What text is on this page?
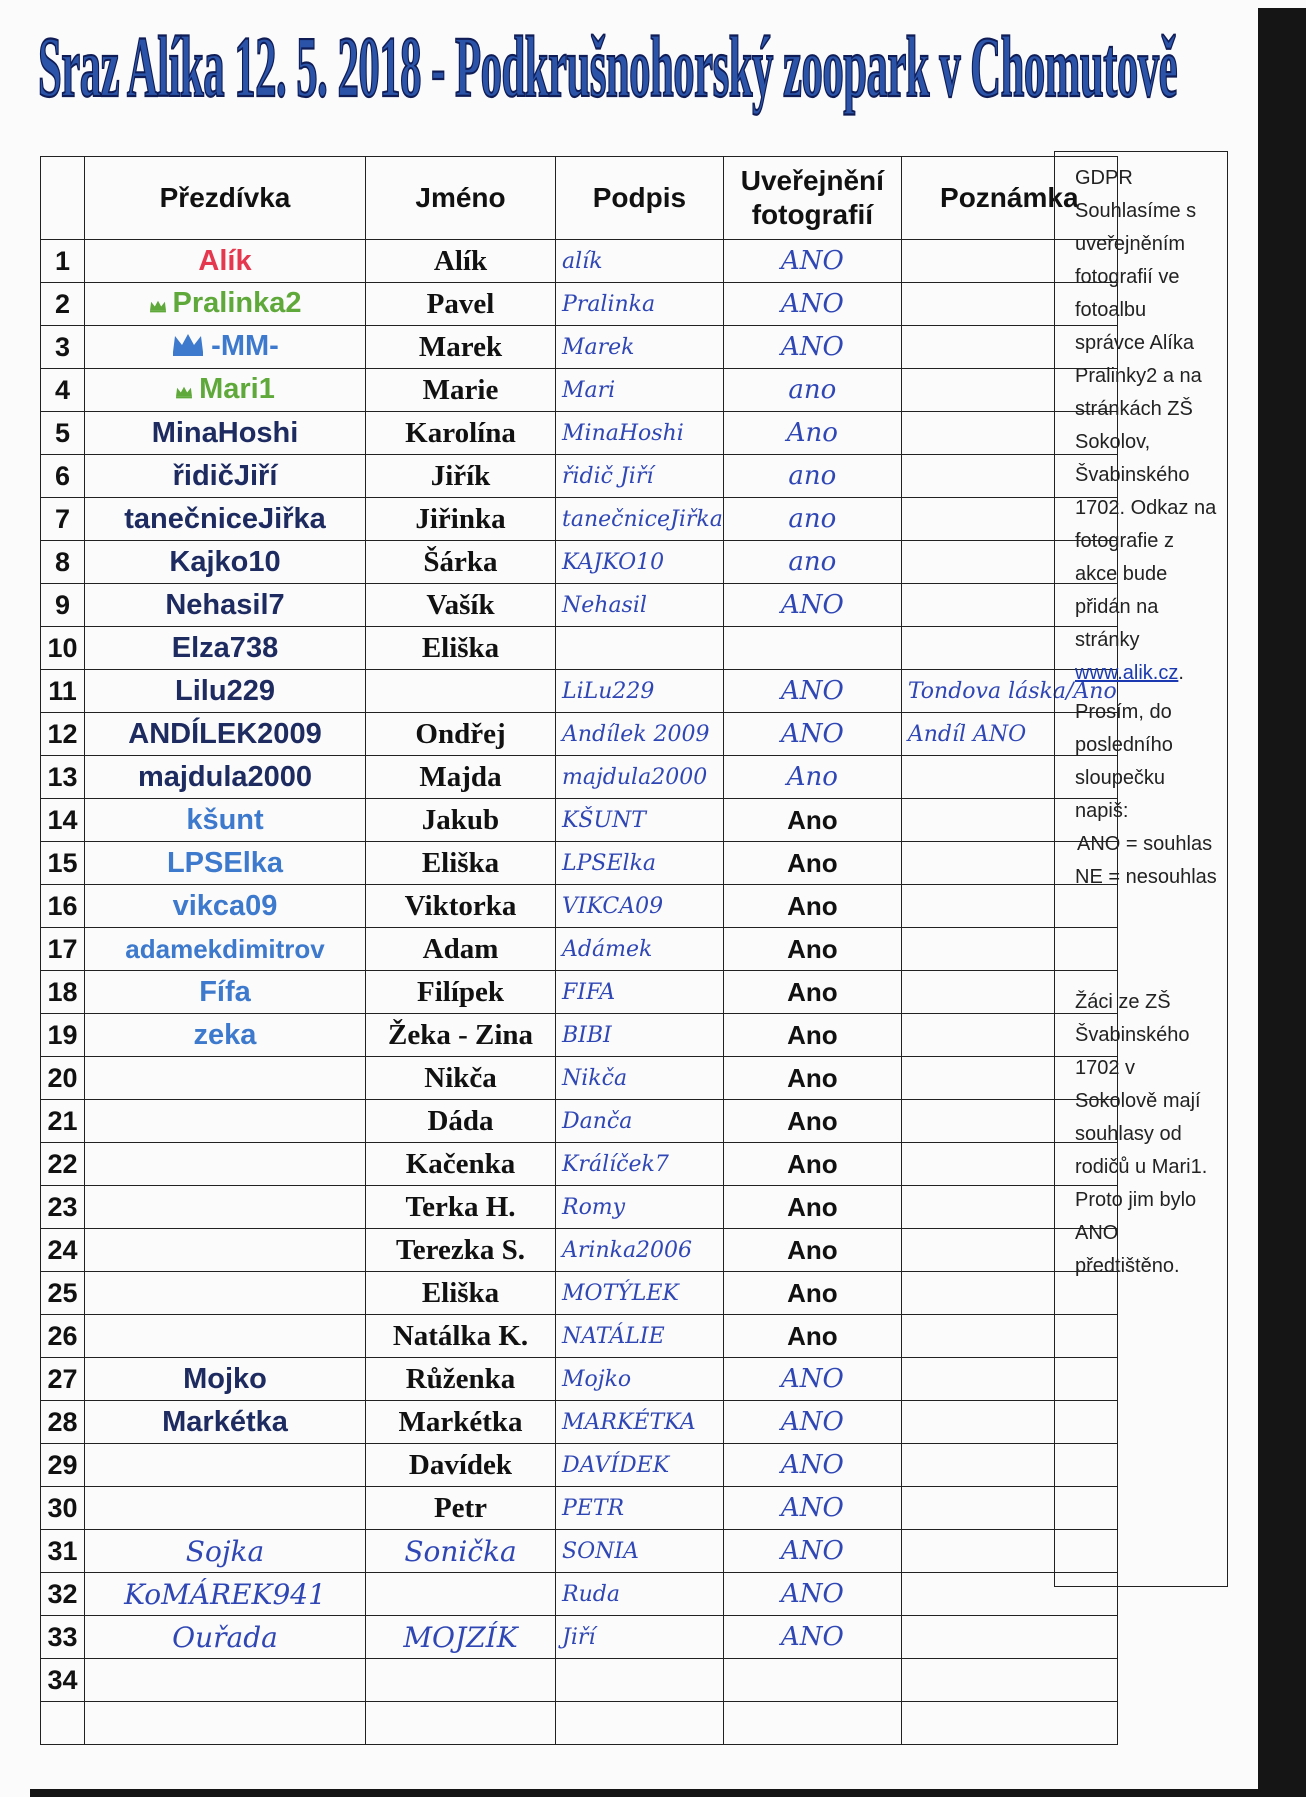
Sraz Alíka 12. 5. 2018 - Podkrušnohorský zoopark v Chomutově
	Přezdívka	Jméno	Podpis	Uveřejnění fotografií	Poznámka
1	Alík	Alík	alík	ANO	
2	Pralinka2	Pavel	Pralinka	ANO	
3	-MM-	Marek	Marek	ANO	
4	Mari1	Marie	Mari	ano	
5	MinaHoshi	Karolína	MinaHoshi	Ano	
6	řidičJiří	Jiřík	řidič Jiří	ano	
7	tanečniceJiřka	Jiřinka	tanečniceJiřka	ano	
8	Kajko10	Šárka	KAJKO10	ano	
9	Nehasil7	Vašík	Nehasil	ANO	
10	Elza738	Eliška			
11	Lilu229		LiLu229	ANO	Tondova láska/Ano
12	ANDÍLEK2009	Ondřej	Andílek 2009	ANO	Andíl ANO
13	majdula2000	Majda	majdula2000	Ano	
14	kšunt	Jakub	KŠUNT	Ano	
15	LPSElka	Eliška	LPSElka	Ano	
16	vikca09	Viktorka	VIKCA09	Ano	
17	adamekdimitrov	Adam	Adámek	Ano	
18	Fífa	Filípek	FIFA	Ano	
19	zeka	Žeka - Zina	BIBI	Ano	
20		Nikča	Nikča	Ano	
21		Dáda	Danča	Ano	
22		Kačenka	Králíček7	Ano	
23		Terka H.	Romy	Ano	
24		Terezka S.	Arinka2006	Ano	
25		Eliška	MOTÝLEK	Ano	
26		Natálka K.	NATÁLIE	Ano	
27	Mojko	Růženka	Mojko	ANO	
28	Markétka	Markétka	MARKÉTKA	ANO	
29		Davídek	DAVÍDEK	ANO	
30		Petr	PETR	ANO	
31	Sojka	Sonička	SONIA	ANO	
32	KoMÁREK941		Ruda	ANO	
33	Ouřada	MOJZÍK	Jiří	ANO	
34					

GDPR Souhlasíme s uveřejněním fotografií ve fotoalbu správce Alíka Pralinky2 a na stránkách ZŠ Sokolov, Švabinského 1702. Odkaz na fotografie z akce bude přidán na stránky www.alik.cz.

Prosím, do posledního sloupečku napiš:

ANO = souhlas

NE = nesouhlas

Žáci ze ZŠ Švabinského 1702 v Sokolově mají souhlasy od rodičů u Mari1. Proto jim bylo ANO předtištěno.
